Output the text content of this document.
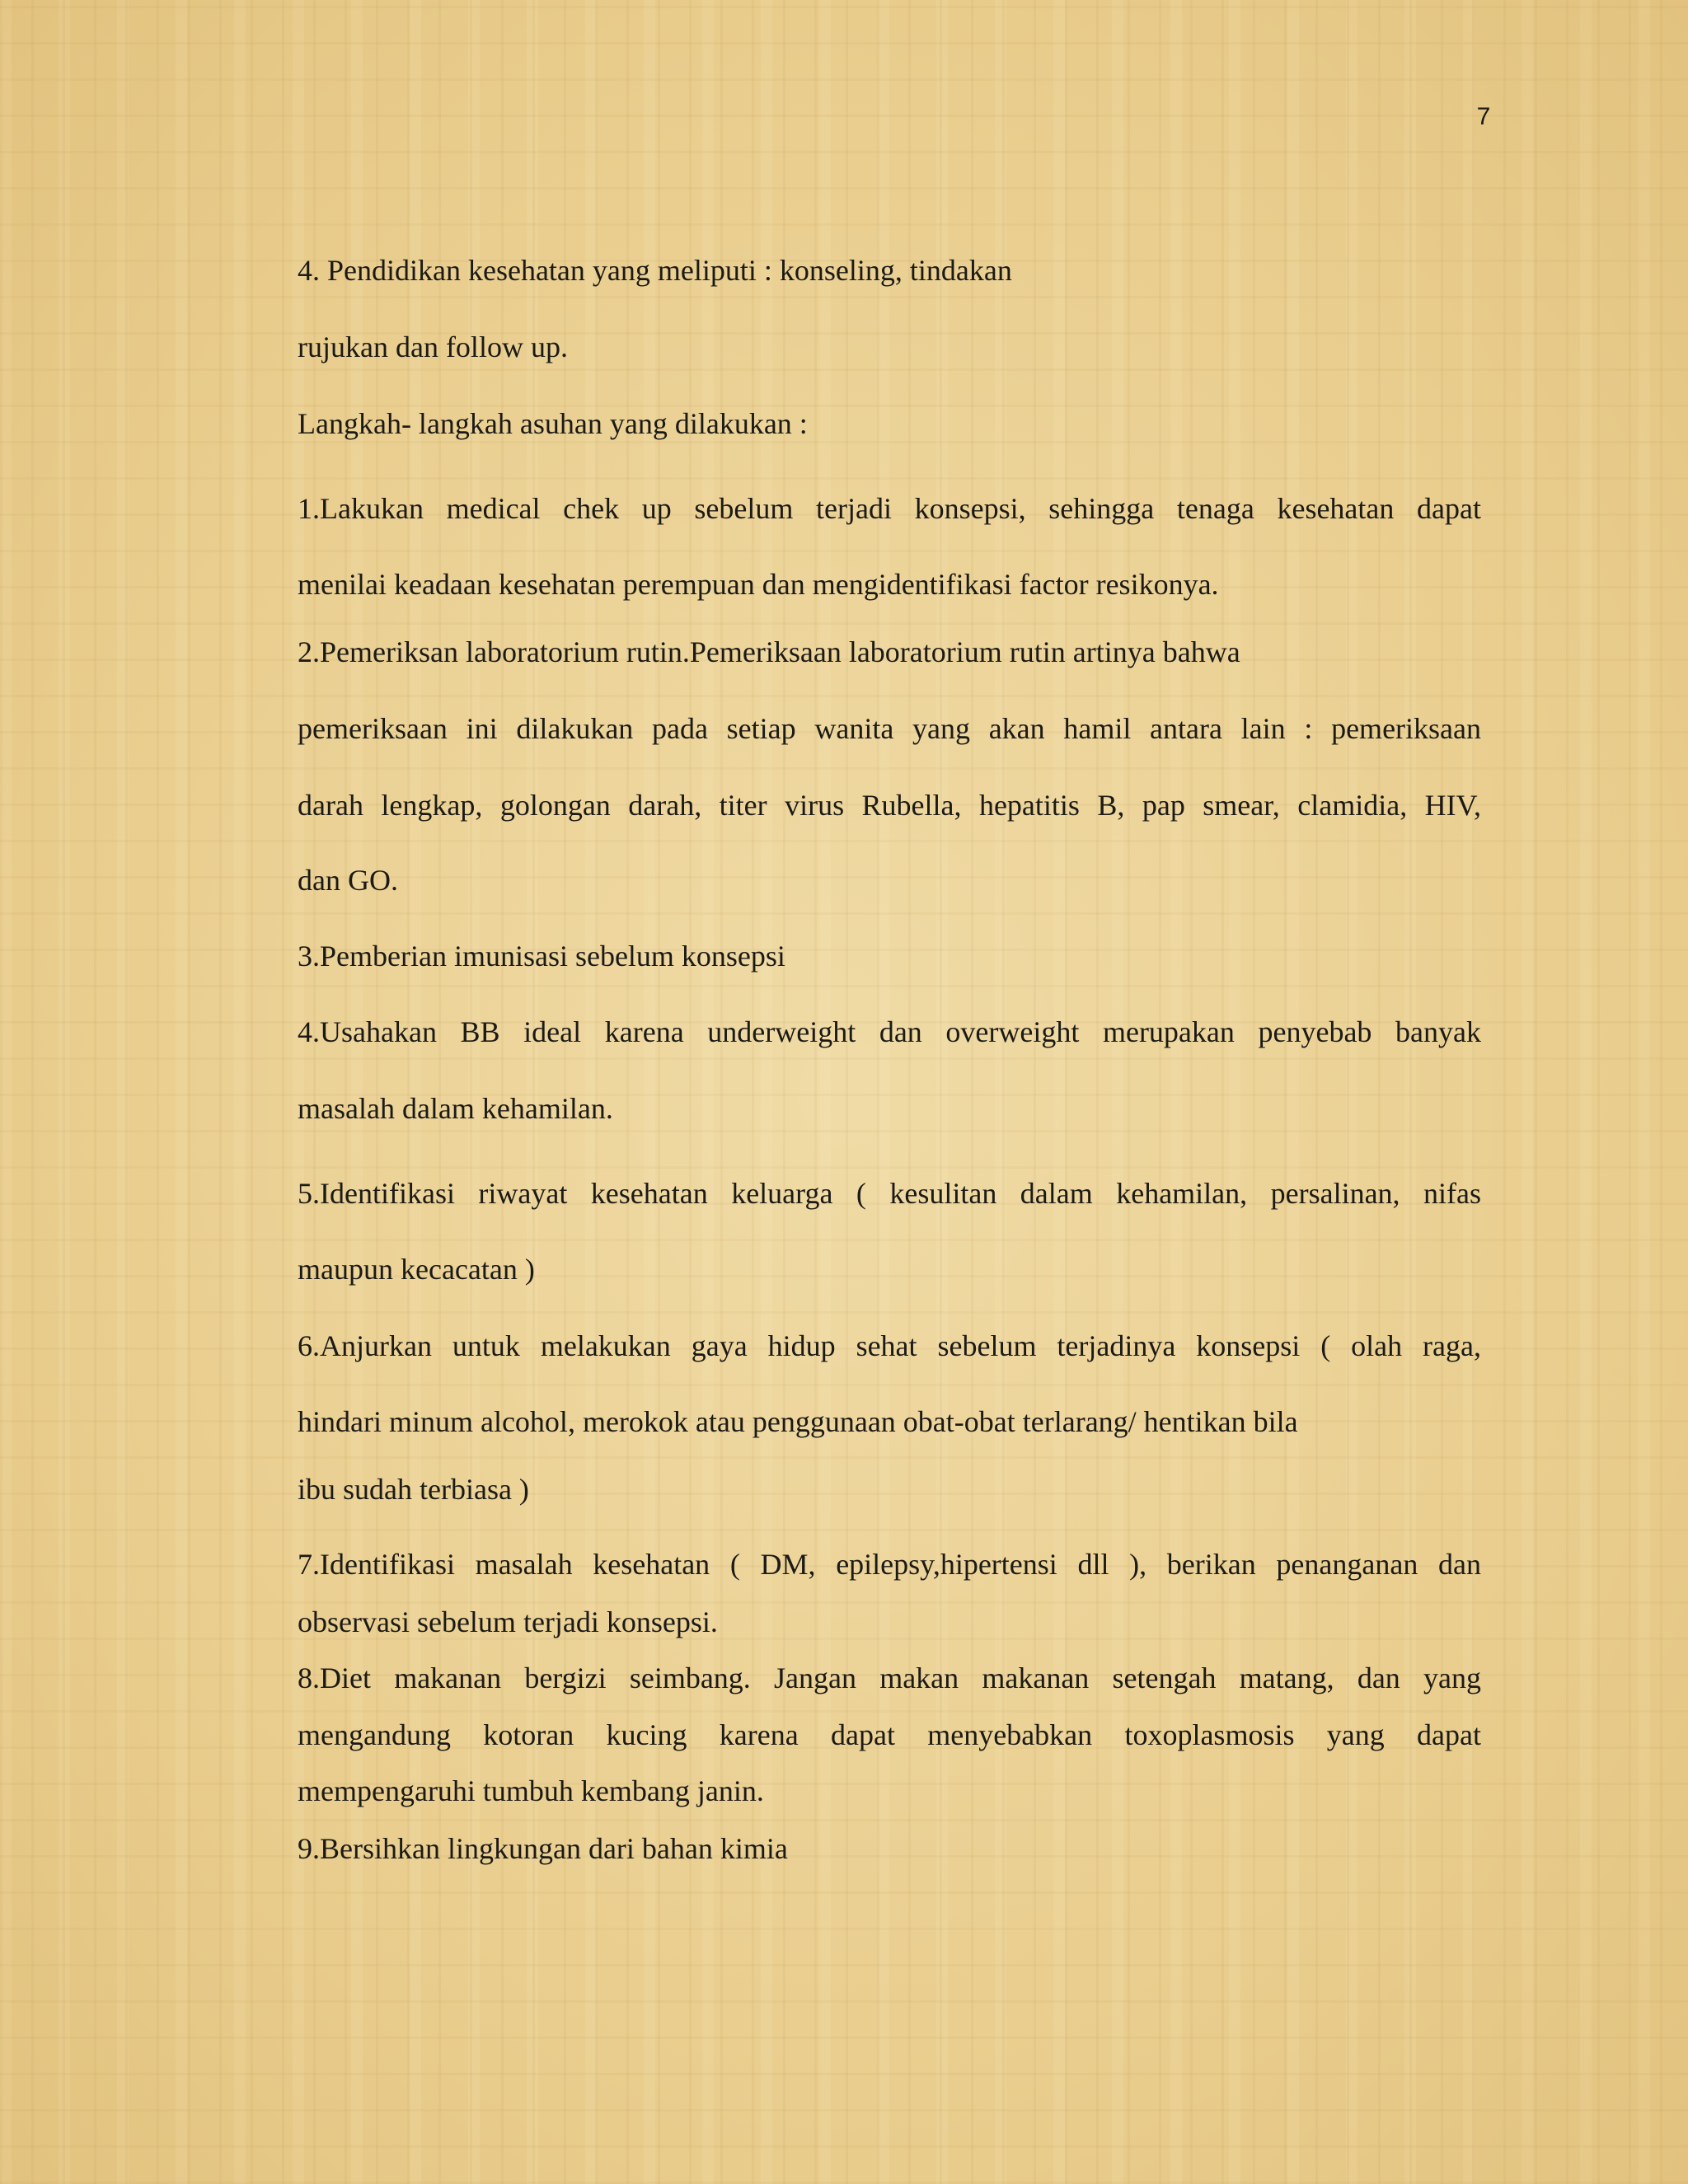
7
4. Pendidikan kesehatan yang meliputi : konseling, tindakan
rujukan dan follow up.
Langkah- langkah asuhan yang dilakukan :
1.Lakukan medical chek up sebelum terjadi konsepsi, sehingga tenaga kesehatan dapat
menilai keadaan kesehatan perempuan dan mengidentifikasi factor resikonya.
2.Pemeriksan laboratorium rutin.Pemeriksaan laboratorium rutin artinya bahwa
pemeriksaan ini dilakukan pada setiap wanita yang akan hamil antara lain : pemeriksaan
darah lengkap, golongan darah, titer virus Rubella, hepatitis B, pap smear, clamidia, HIV,
dan GO.
3.Pemberian imunisasi sebelum konsepsi
4.Usahakan BB ideal karena underweight dan overweight merupakan penyebab banyak
masalah dalam kehamilan.
5.Identifikasi riwayat kesehatan keluarga ( kesulitan dalam kehamilan, persalinan, nifas
maupun kecacatan )
6.Anjurkan untuk melakukan gaya hidup sehat sebelum terjadinya konsepsi ( olah raga,
hindari minum alcohol, merokok atau penggunaan obat-obat terlarang/ hentikan bila
ibu sudah terbiasa )
7.Identifikasi masalah kesehatan ( DM, epilepsy,hipertensi dll ), berikan penanganan dan
observasi sebelum terjadi konsepsi.
8.Diet makanan bergizi seimbang. Jangan makan makanan setengah matang, dan yang
mengandung kotoran kucing karena dapat menyebabkan toxoplasmosis yang dapat
mempengaruhi tumbuh kembang janin.
9.Bersihkan lingkungan dari bahan kimia
